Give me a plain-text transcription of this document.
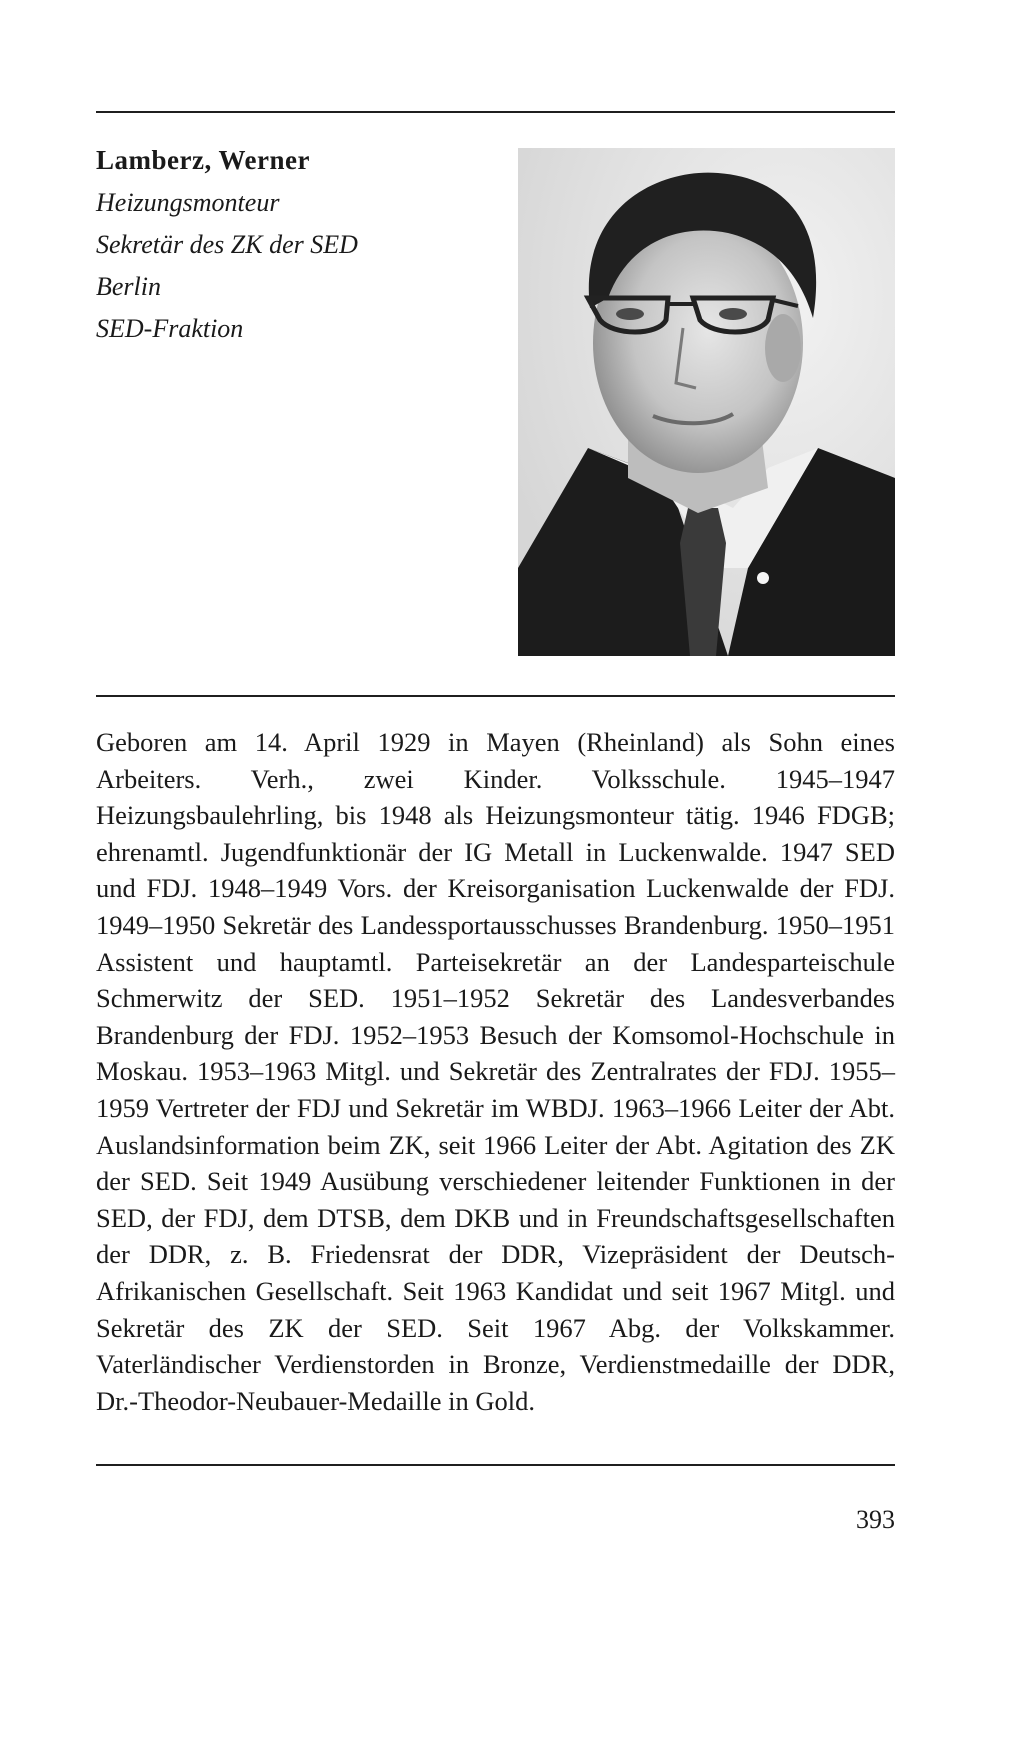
Lamberz, Werner

Heizungsmonteur

Sekretär des ZK der SED

Berlin

SED-Fraktion

Geboren am 14. April 1929 in Mayen (Rheinland) als Sohn eines Arbeiters. Verh., zwei Kinder. Volksschule. 1945–1947 Heizungsbaulehrling, bis 1948 als Heizungsmonteur tätig. 1946 FDGB; ehrenamtl. Jugendfunktionär der IG Metall in Luckenwalde. 1947 SED und FDJ. 1948–1949 Vors. der Kreisorganisation Luckenwalde der FDJ. 1949–1950 Sekretär des Landessportausschusses Brandenburg. 1950–1951 Assistent und hauptamtl. Parteisekretär an der Landesparteischule Schmerwitz der SED. 1951–1952 Sekretär des Landesverbandes Brandenburg der FDJ. 1952–1953 Besuch der Komsomol-Hochschule in Moskau. 1953–1963 Mitgl. und Sekretär des Zentralrates der FDJ. 1955–1959 Vertreter der FDJ und Sekretär im WBDJ. 1963–1966 Leiter der Abt. Auslandsinformation beim ZK, seit 1966 Leiter der Abt. Agitation des ZK der SED. Seit 1949 Ausübung verschiedener leitender Funktionen in der SED, der FDJ, dem DTSB, dem DKB und in Freundschaftsgesellschaften der DDR, z. B. Friedensrat der DDR, Vizepräsident der Deutsch-Afrikanischen Gesellschaft. Seit 1963 Kandidat und seit 1967 Mitgl. und Sekretär des ZK der SED. Seit 1967 Abg. der Volkskammer. Vaterländischer Verdienstorden in Bronze, Verdienstmedaille der DDR, Dr.-Theodor-Neubauer-Medaille in Gold.

393
